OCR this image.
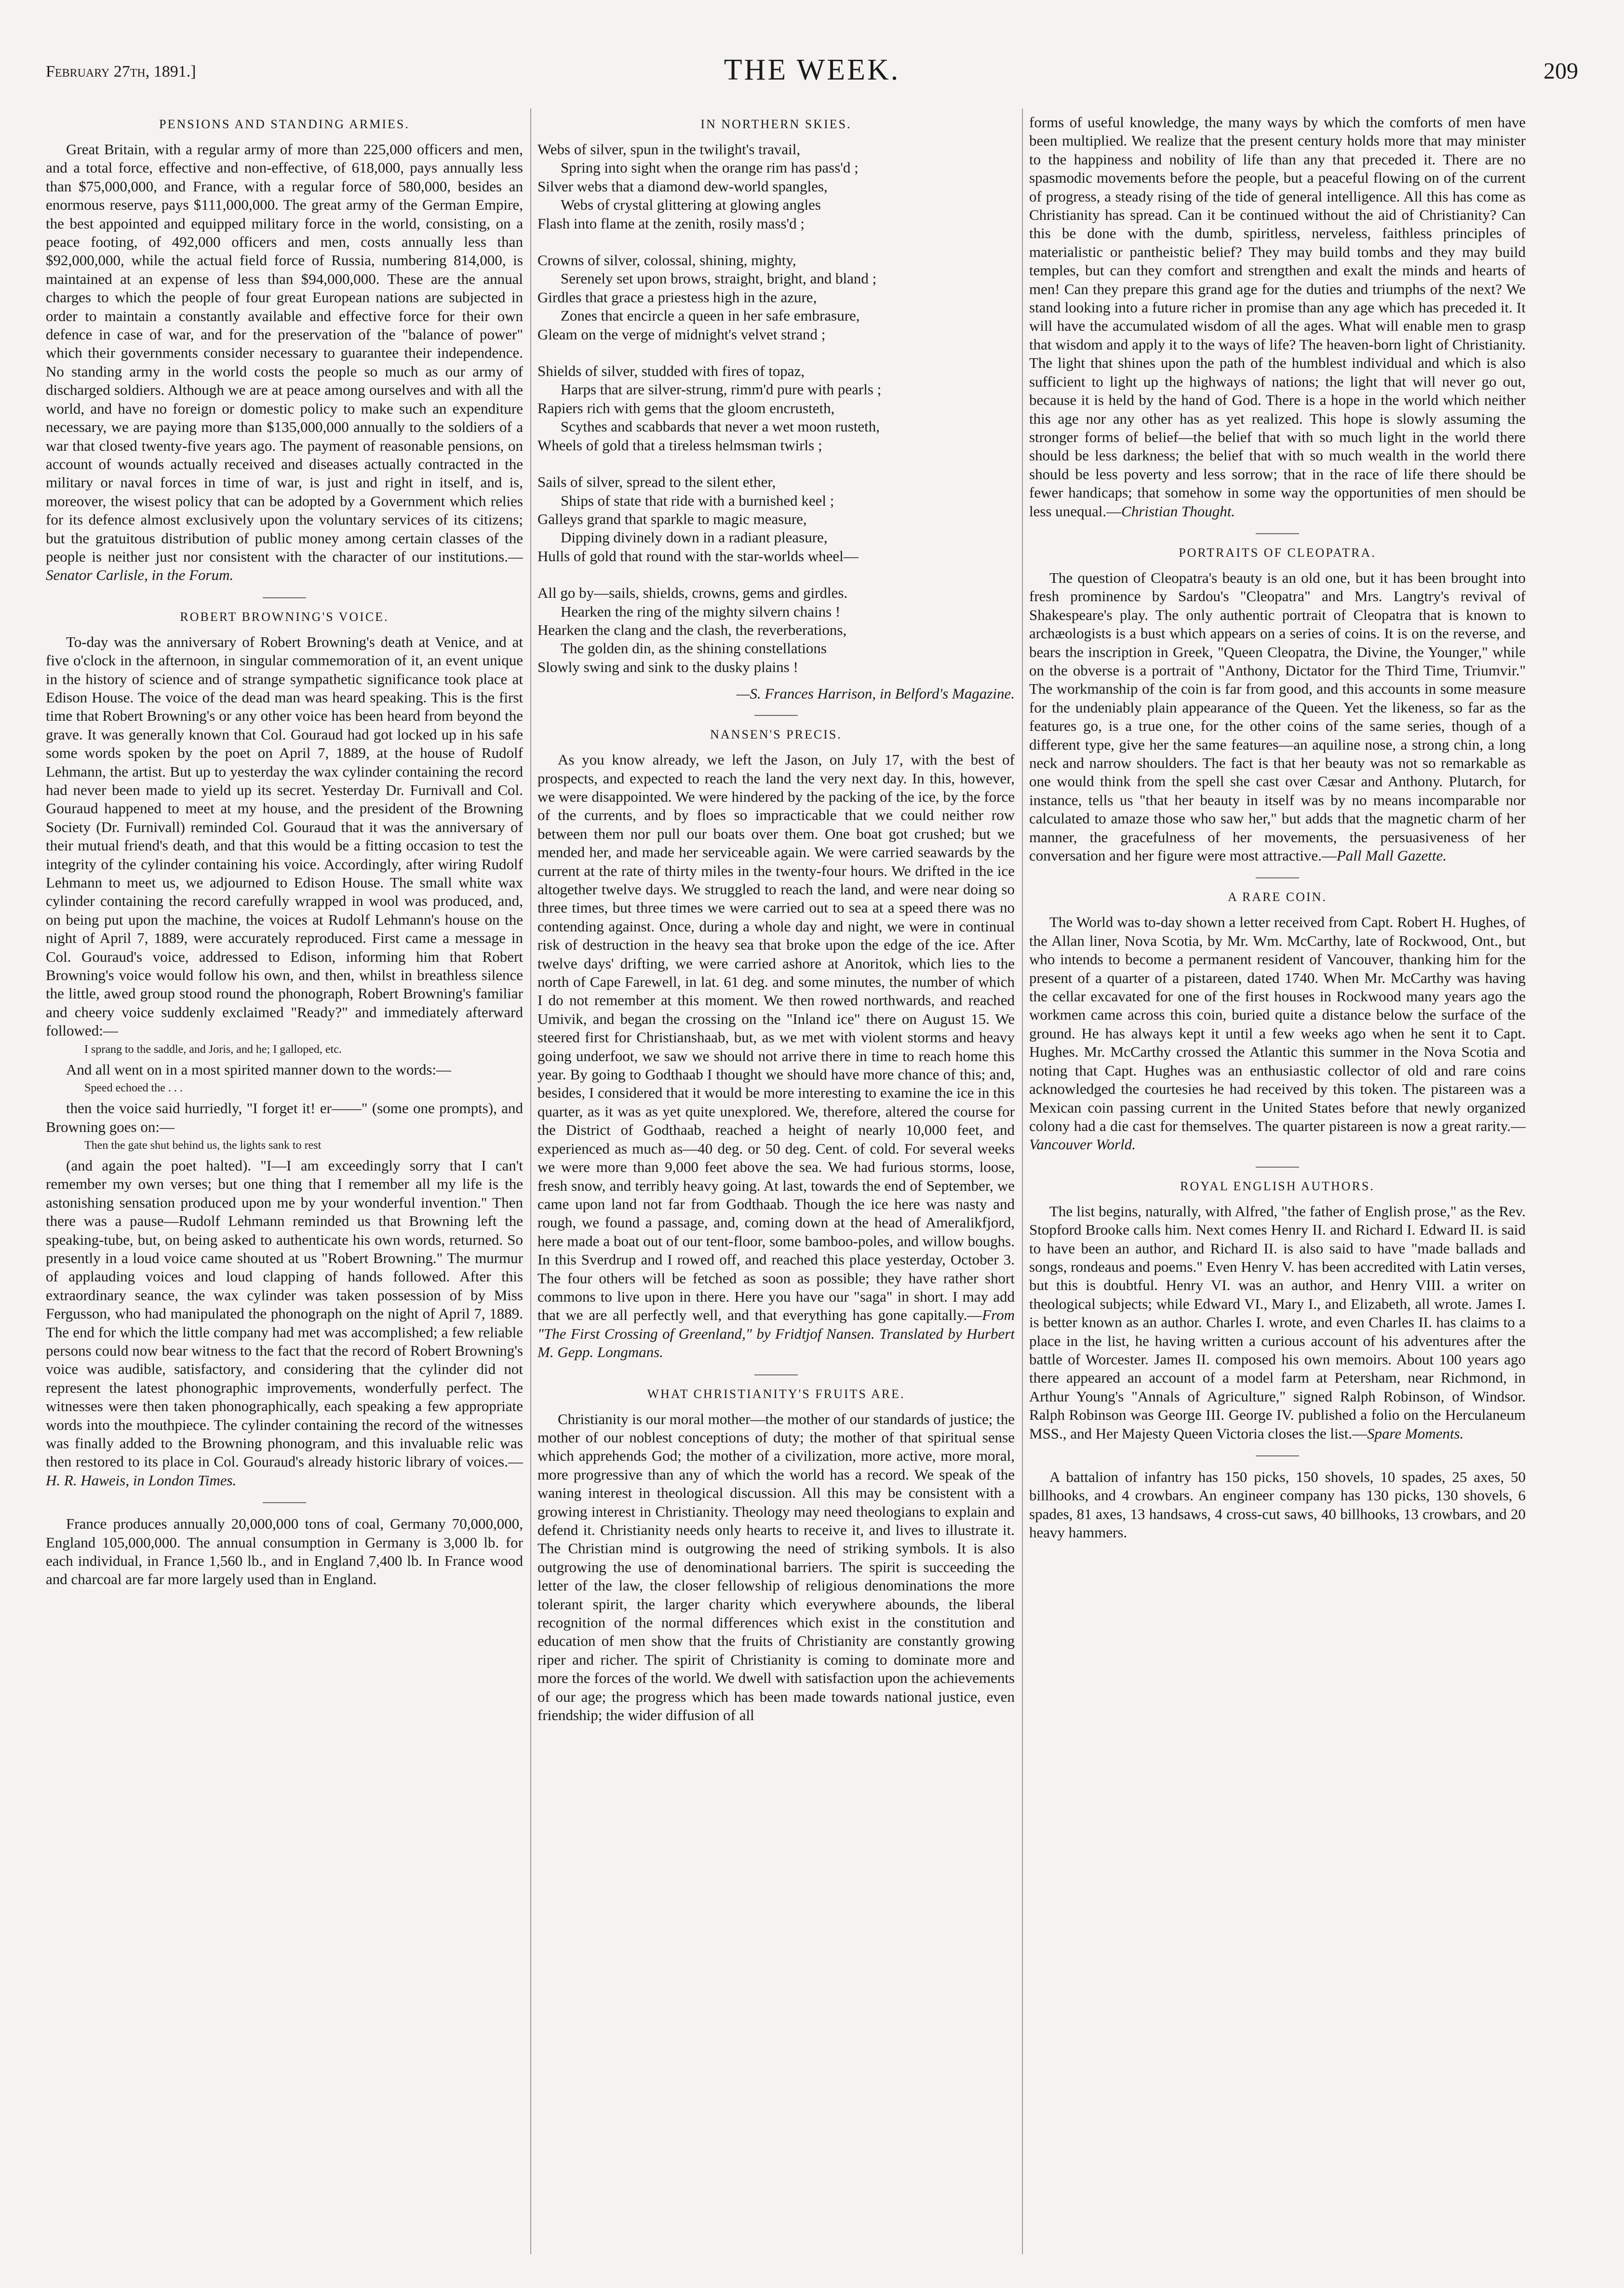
February 27th, 1891.]	THE WEEK.	209
PENSIONS AND STANDING ARMIES.

Great Britain, with a regular army of more than 225,000 officers and men, and a total force, effective and non-effective, of 618,000, pays annually less than $75,000,000, and France, with a regular force of 580,000, besides an enormous reserve, pays $111,000,000. The great army of the German Empire, the best appointed and equipped military force in the world, consisting, on a peace footing, of 492,000 officers and men, costs annually less than $92,000,000, while the actual field force of Russia, numbering 814,000, is maintained at an expense of less than $94,000,000. These are the annual charges to which the people of four great European nations are subjected in order to maintain a constantly available and effective force for their own defence in case of war, and for the preservation of the "balance of power" which their governments consider necessary to guarantee their independence. No standing army in the world costs the people so much as our army of discharged soldiers. Although we are at peace among ourselves and with all the world, and have no foreign or domestic policy to make such an expenditure necessary, we are paying more than $135,000,000 annually to the soldiers of a war that closed twenty-five years ago. The payment of reasonable pensions, on account of wounds actually received and diseases actually contracted in the military or naval forces in time of war, is just and right in itself, and is, moreover, the wisest policy that can be adopted by a Government which relies for its defence almost exclusively upon the voluntary services of its citizens; but the gratuitous distribution of public money among certain classes of the people is neither just nor consistent with the character of our institutions.—Senator Carlisle, in the Forum.

ROBERT BROWNING'S VOICE.

To-day was the anniversary of Robert Browning's death at Venice, and at five o'clock in the afternoon, in singular commemoration of it, an event unique in the history of science and of strange sympathetic significance took place at Edison House. The voice of the dead man was heard speaking. This is the first time that Robert Browning's or any other voice has been heard from beyond the grave. It was generally known that Col. Gouraud had got locked up in his safe some words spoken by the poet on April 7, 1889, at the house of Rudolf Lehmann, the artist. But up to yesterday the wax cylinder containing the record had never been made to yield up its secret. Yesterday Dr. Furnivall and Col. Gouraud happened to meet at my house, and the president of the Browning Society (Dr. Furnivall) reminded Col. Gouraud that it was the anniversary of their mutual friend's death, and that this would be a fitting occasion to test the integrity of the cylinder containing his voice. Accordingly, after wiring Rudolf Lehmann to meet us, we adjourned to Edison House. The small white wax cylinder containing the record carefully wrapped in wool was produced, and, on being put upon the machine, the voices at Rudolf Lehmann's house on the night of April 7, 1889, were accurately reproduced. First came a message in Col. Gouraud's voice, addressed to Edison, informing him that Robert Browning's voice would follow his own, and then, whilst in breathless silence the little, awed group stood round the phonograph, Robert Browning's familiar and cheery voice suddenly exclaimed "Ready?" and immediately afterward followed:—

I sprang to the saddle, and Joris, and he; I galloped, etc.

And all went on in a most spirited manner down to the words:—

Speed echoed the . . .

then the voice said hurriedly, "I forget it! er——" (some one prompts), and Browning goes on:—

Then the gate shut behind us, the lights sank to rest

(and again the poet halted). "I—I am exceedingly sorry that I can't remember my own verses; but one thing that I remember all my life is the astonishing sensation produced upon me by your wonderful invention." Then there was a pause—Rudolf Lehmann reminded us that Browning left the speaking-tube, but, on being asked to authenticate his own words, returned. So presently in a loud voice came shouted at us "Robert Browning." The murmur of applauding voices and loud clapping of hands followed. After this extraordinary seance, the wax cylinder was taken possession of by Miss Fergusson, who had manipulated the phonograph on the night of April 7, 1889. The end for which the little company had met was accomplished; a few reliable persons could now bear witness to the fact that the record of Robert Browning's voice was audible, satisfactory, and considering that the cylinder did not represent the latest phonographic improvements, wonderfully perfect. The witnesses were then taken phonographically, each speaking a few appropriate words into the mouthpiece. The cylinder containing the record of the witnesses was finally added to the Browning phonogram, and this invaluable relic was then restored to its place in Col. Gouraud's already historic library of voices.—H. R. Haweis, in London Times.

France produces annually 20,000,000 tons of coal, Germany 70,000,000, England 105,000,000. The annual consumption in Germany is 3,000 lb. for each individual, in France 1,560 lb., and in England 7,400 lb. In France wood and charcoal are far more largely used than in England.

IN NORTHERN SKIES.
Webs of silver, spun in the twilight's travail,
Spring into sight when the orange rim has pass'd ;
Silver webs that a diamond dew-world spangles,
Webs of crystal glittering at glowing angles
Flash into flame at the zenith, rosily mass'd ;
Crowns of silver, colossal, shining, mighty,
Serenely set upon brows, straight, bright, and bland ;
Girdles that grace a priestess high in the azure,
Zones that encircle a queen in her safe embrasure,
Gleam on the verge of midnight's velvet strand ;
Shields of silver, studded with fires of topaz,
Harps that are silver-strung, rimm'd pure with pearls ;
Rapiers rich with gems that the gloom encrusteth,
Scythes and scabbards that never a wet moon rusteth,
Wheels of gold that a tireless helmsman twirls ;
Sails of silver, spread to the silent ether,
Ships of state that ride with a burnished keel ;
Galleys grand that sparkle to magic measure,
Dipping divinely down in a radiant pleasure,
Hulls of gold that round with the star-worlds wheel—
All go by—sails, shields, crowns, gems and girdles.
Hearken the ring of the mighty silvern chains !
Hearken the clang and the clash, the reverberations,
The golden din, as the shining constellations
Slowly swing and sink to the dusky plains !
—S. Frances Harrison, in Belford's Magazine.
NANSEN'S PRECIS.

As you know already, we left the Jason, on July 17, with the best of prospects, and expected to reach the land the very next day. In this, however, we were disappointed. We were hindered by the packing of the ice, by the force of the currents, and by floes so impracticable that we could neither row between them nor pull our boats over them. One boat got crushed; but we mended her, and made her serviceable again. We were carried seawards by the current at the rate of thirty miles in the twenty-four hours. We drifted in the ice altogether twelve days. We struggled to reach the land, and were near doing so three times, but three times we were carried out to sea at a speed there was no contending against. Once, during a whole day and night, we were in continual risk of destruction in the heavy sea that broke upon the edge of the ice. After twelve days' drifting, we were carried ashore at Anoritok, which lies to the north of Cape Farewell, in lat. 61 deg. and some minutes, the number of which I do not remember at this moment. We then rowed northwards, and reached Umivik, and began the crossing on the "Inland ice" there on August 15. We steered first for Christianshaab, but, as we met with violent storms and heavy going underfoot, we saw we should not arrive there in time to reach home this year. By going to Godthaab I thought we should have more chance of this; and, besides, I considered that it would be more interesting to examine the ice in this quarter, as it was as yet quite unexplored. We, therefore, altered the course for the District of Godthaab, reached a height of nearly 10,000 feet, and experienced as much as—40 deg. or 50 deg. Cent. of cold. For several weeks we were more than 9,000 feet above the sea. We had furious storms, loose, fresh snow, and terribly heavy going. At last, towards the end of September, we came upon land not far from Godthaab. Though the ice here was nasty and rough, we found a passage, and, coming down at the head of Ameralikfjord, here made a boat out of our tent-floor, some bamboo-poles, and willow boughs. In this Sverdrup and I rowed off, and reached this place yesterday, October 3. The four others will be fetched as soon as possible; they have rather short commons to live upon in there. Here you have our "saga" in short. I may add that we are all perfectly well, and that everything has gone capitally.—From "The First Crossing of Greenland," by Fridtjof Nansen. Translated by Hurbert M. Gepp. Longmans.

WHAT CHRISTIANITY'S FRUITS ARE.

Christianity is our moral mother—the mother of our standards of justice; the mother of our noblest conceptions of duty; the mother of that spiritual sense which apprehends God; the mother of a civilization, more active, more moral, more progressive than any of which the world has a record. We speak of the waning interest in theological discussion. All this may be consistent with a growing interest in Christianity. Theology may need theologians to explain and defend it. Christianity needs only hearts to receive it, and lives to illustrate it. The Christian mind is outgrowing the need of striking symbols. It is also outgrowing the use of denominational barriers. The spirit is succeeding the letter of the law, the closer fellowship of religious denominations the more tolerant spirit, the larger charity which everywhere abounds, the liberal recognition of the normal differences which exist in the constitution and education of men show that the fruits of Christianity are constantly growing riper and richer. The spirit of Christianity is coming to dominate more and more the forces of the world. We dwell with satisfaction upon the achievements of our age; the progress which has been made towards national justice, even friendship; the wider diffusion of all

forms of useful knowledge, the many ways by which the comforts of men have been multiplied. We realize that the present century holds more that may minister to the happiness and nobility of life than any that preceded it. There are no spasmodic movements before the people, but a peaceful flowing on of the current of progress, a steady rising of the tide of general intelligence. All this has come as Christianity has spread. Can it be continued without the aid of Christianity? Can this be done with the dumb, spiritless, nerveless, faithless principles of materialistic or pantheistic belief? They may build tombs and they may build temples, but can they comfort and strengthen and exalt the minds and hearts of men! Can they prepare this grand age for the duties and triumphs of the next? We stand looking into a future richer in promise than any age which has preceded it. It will have the accumulated wisdom of all the ages. What will enable men to grasp that wisdom and apply it to the ways of life? The heaven-born light of Christianity. The light that shines upon the path of the humblest individual and which is also sufficient to light up the highways of nations; the light that will never go out, because it is held by the hand of God. There is a hope in the world which neither this age nor any other has as yet realized. This hope is slowly assuming the stronger forms of belief—the belief that with so much light in the world there should be less darkness; the belief that with so much wealth in the world there should be less poverty and less sorrow; that in the race of life there should be fewer handicaps; that somehow in some way the opportunities of men should be less unequal.—Christian Thought.

PORTRAITS OF CLEOPATRA.

The question of Cleopatra's beauty is an old one, but it has been brought into fresh prominence by Sardou's "Cleopatra" and Mrs. Langtry's revival of Shakespeare's play. The only authentic portrait of Cleopatra that is known to archæologists is a bust which appears on a series of coins. It is on the reverse, and bears the inscription in Greek, "Queen Cleopatra, the Divine, the Younger," while on the obverse is a portrait of "Anthony, Dictator for the Third Time, Triumvir." The workmanship of the coin is far from good, and this accounts in some measure for the undeniably plain appearance of the Queen. Yet the likeness, so far as the features go, is a true one, for the other coins of the same series, though of a different type, give her the same features—an aquiline nose, a strong chin, a long neck and narrow shoulders. The fact is that her beauty was not so remarkable as one would think from the spell she cast over Cæsar and Anthony. Plutarch, for instance, tells us "that her beauty in itself was by no means incomparable nor calculated to amaze those who saw her," but adds that the magnetic charm of her manner, the gracefulness of her movements, the persuasiveness of her conversation and her figure were most attractive.—Pall Mall Gazette.

A RARE COIN.

The World was to-day shown a letter received from Capt. Robert H. Hughes, of the Allan liner, Nova Scotia, by Mr. Wm. McCarthy, late of Rockwood, Ont., but who intends to become a permanent resident of Vancouver, thanking him for the present of a quarter of a pistareen, dated 1740. When Mr. McCarthy was having the cellar excavated for one of the first houses in Rockwood many years ago the workmen came across this coin, buried quite a distance below the surface of the ground. He has always kept it until a few weeks ago when he sent it to Capt. Hughes. Mr. McCarthy crossed the Atlantic this summer in the Nova Scotia and noting that Capt. Hughes was an enthusiastic collector of old and rare coins acknowledged the courtesies he had received by this token. The pistareen was a Mexican coin passing current in the United States before that newly organized colony had a die cast for themselves. The quarter pistareen is now a great rarity.—Vancouver World.

ROYAL ENGLISH AUTHORS.

The list begins, naturally, with Alfred, "the father of English prose," as the Rev. Stopford Brooke calls him. Next comes Henry II. and Richard I. Edward II. is said to have been an author, and Richard II. is also said to have "made ballads and songs, rondeaus and poems." Even Henry V. has been accredited with Latin verses, but this is doubtful. Henry VI. was an author, and Henry VIII. a writer on theological subjects; while Edward VI., Mary I., and Elizabeth, all wrote. James I. is better known as an author. Charles I. wrote, and even Charles II. has claims to a place in the list, he having written a curious account of his adventures after the battle of Worcester. James II. composed his own memoirs. About 100 years ago there appeared an account of a model farm at Petersham, near Richmond, in Arthur Young's "Annals of Agriculture," signed Ralph Robinson, of Windsor. Ralph Robinson was George III. George IV. published a folio on the Herculaneum MSS., and Her Majesty Queen Victoria closes the list.—Spare Moments.

A battalion of infantry has 150 picks, 150 shovels, 10 spades, 25 axes, 50 billhooks, and 4 crowbars. An engineer company has 130 picks, 130 shovels, 6 spades, 81 axes, 13 handsaws, 4 cross-cut saws, 40 billhooks, 13 crowbars, and 20 heavy hammers.
